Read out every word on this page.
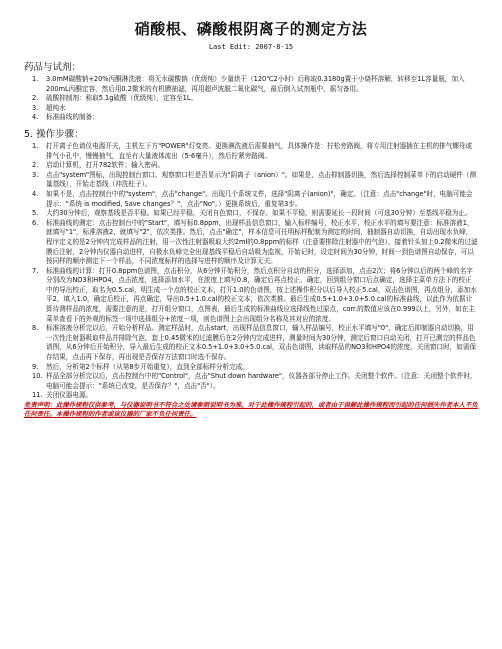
硝酸根、磷酸根阴离子的测定方法
Last Edit: 2007-8-15
药品与试剂：
1.	3.0mM碳酸钠+20%丙酮淋洗液：将无水碳酸钠（优级纯）少量烘干（120℃2小时）后称取0.3180g置于小烧杯溶解，转移至1L容量瓶，加入200mL丙酮定容，然后用0.2微米的有机膜抽滤，再用超声波脱二氧化碳气，最后倒入试剂瓶中，摇匀备用。
2.	硫酸抑制剂：称取5.1g硫酸（优级纯），定容至1L。
3.	超纯水
4.	标准曲线的制备：
5. 操作步骤：
1.	打开离子色谱仪电源开关，主机左下方"POWER"灯变亮。更换淋洗液后需要抽气，具体操作是：拧松旁路阀，将专用注射器插在主机的排气螺母或排气小孔中，慢慢抽气，直至有大量液体流出（5-6毫升），然后拧紧旁路阀。
2.	启动计算机，打开782软件；输入密码。
3.	点击"system"图标，出现控制台窗口。观察窗口栏是否显示为"阴离子（anion）"。如果是，点击抑制器切换，然后选择控制菜单下的启动硬件（测量基线），开始走基线（冲洗柱子）。
4.	如果不是，点击控制台中的"system"，点击"change"，出现几个系统文件，选择"阴离子(anion)"，确定。（注意：点击"change"时，电脑可能会提示："系统 is modified, Save changes？"，点击"No"。）更换系统后，重复第3步。
5.	大约30分钟后，观察基线是否平稳。如果已经平稳，关闭自色窗口，不保存。如果不平稳，则需要延长一段时间（可选30分钟）至基线平稳为止。
6.	标准曲线的测定：点击控制台中的"Start"，填写标0.8ppm，出现样品信息窗口，输入标样编号，校正水平，校正水平的填写要注意：标准溶液1，就填写"1"，标准溶液2，就填写"2"，依次类推。然后，点击"确定"，样本信息可任明标样配制为测定的时间，抽制器自动切换，自动出现水负峰，程序定义的是2分钟内完成样品的注射，用一次性注射器吸取大约2ml的0.8ppm的标样（注意要排除注射器中的气泡），接着针头加上0.2微米的过滤膜后注射，2分钟内仪器自动进样，自极水负峰完全出现基线平稳后自动吸为监视，开始记时，设定时间为30分钟，时间一到色谱图自动保存，可以按同样的顺序测定下一个样品，不同浓度标样的选择与进样的顺序及计算无关。
7.	标准曲线的计算：打开0.8ppm色谱图，点击积分，从6分钟开始积分，然后点积分自动的积分，选择添加，点击2次；将6分钟以后的两个峰的名字分别改为NO3和HPO4，点击浓度，选择添加水平，在浓度上填写0.8，确定后再点校正，确定，回到组分窗口后点确定，选择主菜单方法下的校正中的导出校正，取名为0.5.cal，明生成一个点的校正文本，打开1.0的色谱图，按上述操作积分以后导入校正5.cal，双击色谱图，再点组分，添加水平2，填入1.0，确定后校正，再点确定，导出0.5+1.0.cal的校正文本，依次类推。最后生成0.5+1.0+3.0+5.0.cal的标准曲线，以此作为依据计算待测样品的浓度，需要注意的是，打开组分窗口，点图表，最后生成的标准曲线应选择线性过原点，corr.的数值应该在0.999以上，另外，如在主菜单查看下的外观的标签一项中选择组分+浓度一项，则色谱图上会出现组分名称及其对应的浓度。
8.	标准溶液分析完以后，开始分析样品。测定样品时，点击start，出现样品信息窗口，输入样品编号，校正水平填写"0"，确定后抑制器自动切换，用一次性注射器吸取样品并排除气泡，套上0.45微米的过滤膜后在2分钟内完成进样，测量时间为30分钟，测完后窗口自动关闭，打开已测完的样品色谱图，从6分钟后开始积分，导入最后生成的校正文本0.5+1.0+3.0+5.0.cal，双击色谱图，读取样品的NO3和HPO4的浓度。关闭窗口时，如需保存结果，点击再下保存，再出现是否保存方法窗口时选不保存。
9.	然后，分析第2个标样（从第8步开始重复），直到全部标样分析完成。
10. 样品全部分析完以后，点击控制台中的"Control"，点击"Shut down hardware"，仪器各部分停止工作。关闭整个软件。（注意：关闭整个软件时，电脑可能会提示："系统已改变，是否保存？"，点击"否"）。
11. 关闭仪器电源。
免责声明：此操作规程仅供参考，与仪器说明书不符合之处请参照说明书为准。对于此操作规程引起的，或者由于误解此操作规程而引起的任何损失作者本人不负任何责任。本操作规程的作者或该仪器的厂家不负任何责任。
